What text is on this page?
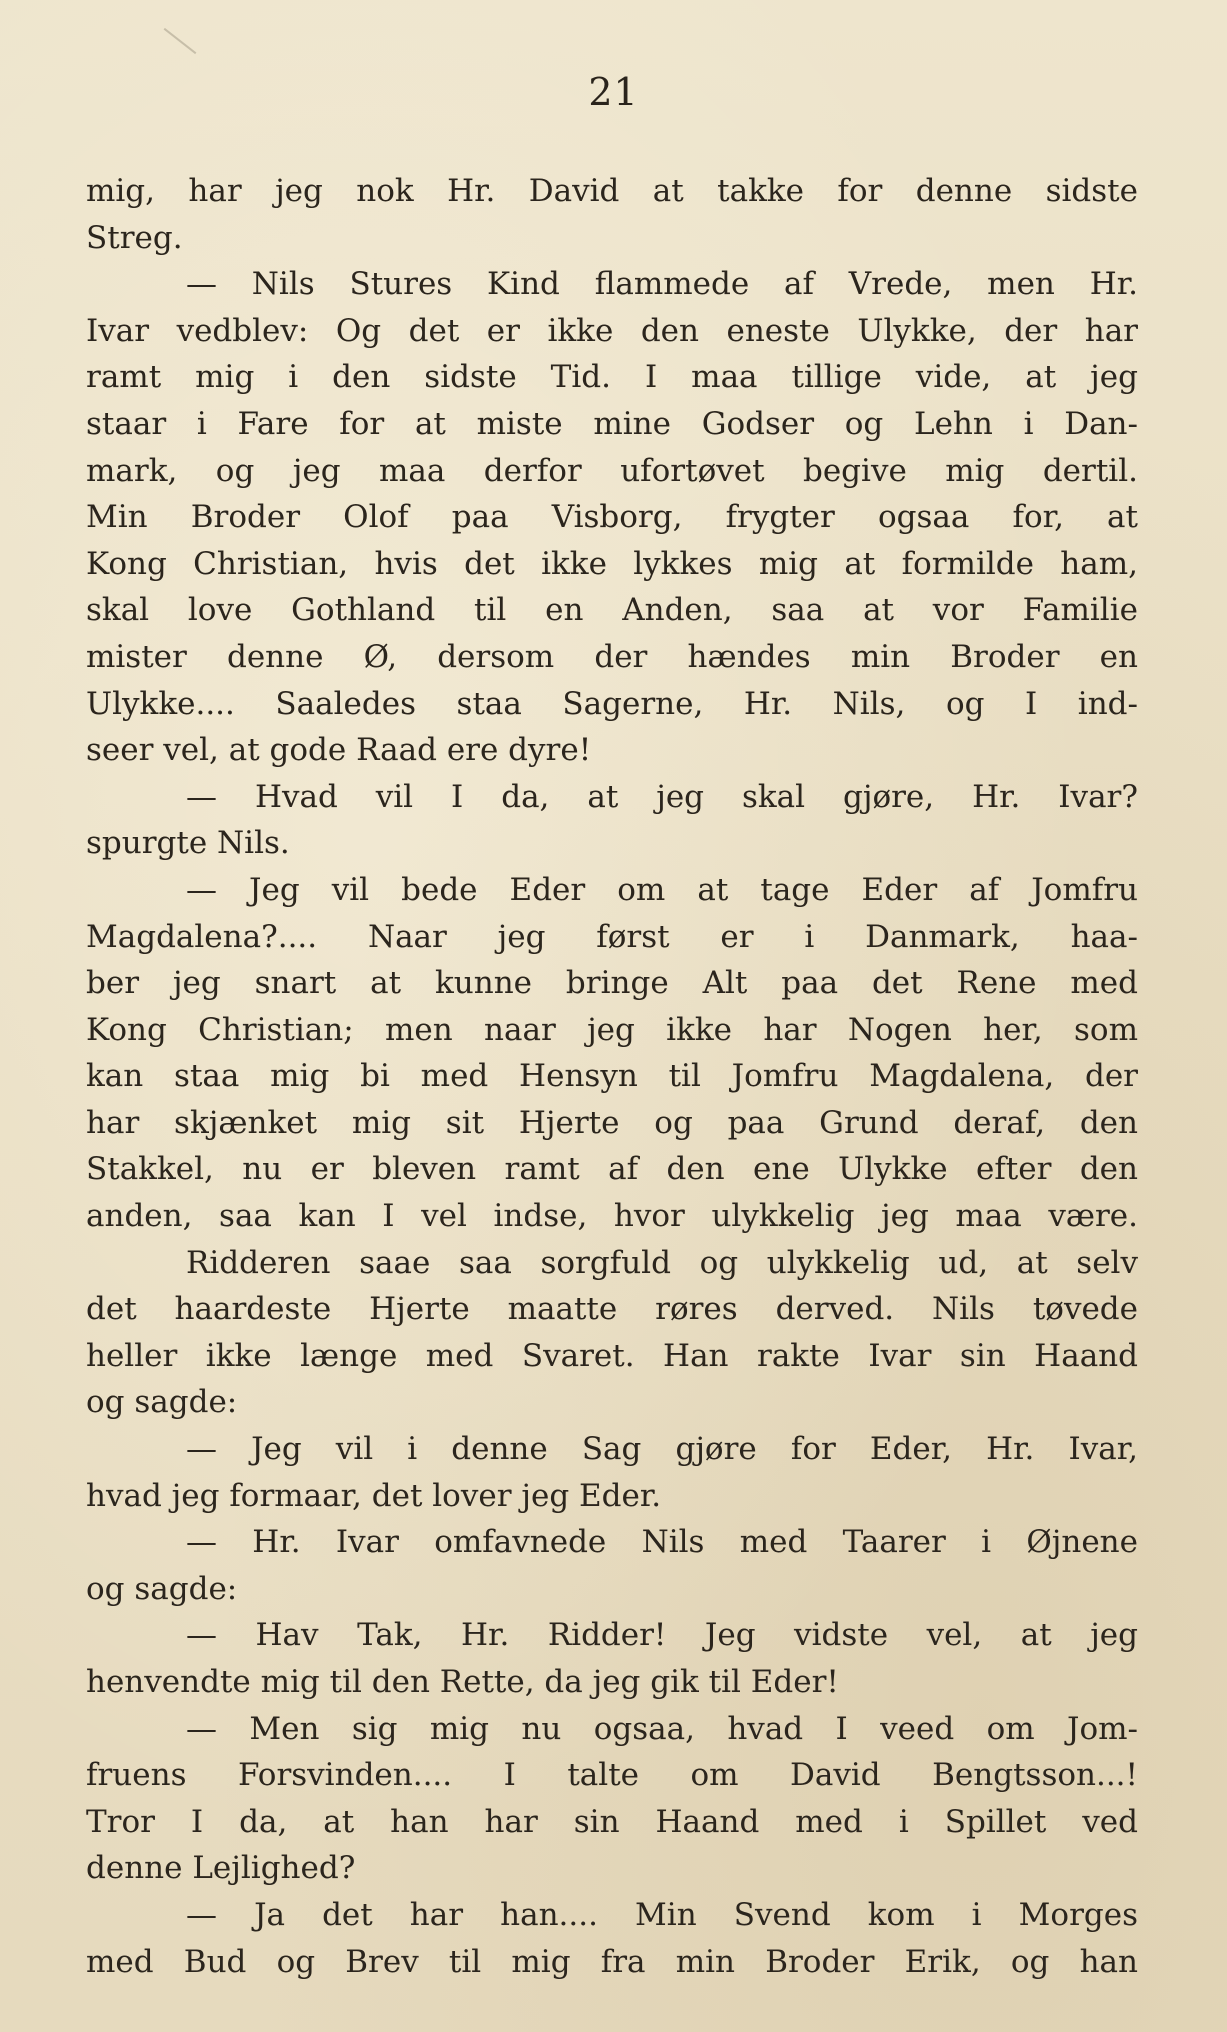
21
mig, har jeg nok Hr. David at takke for denne sidste
Streg.
— Nils Stures Kind flammede af Vrede, men Hr.
Ivar vedblev: Og det er ikke den eneste Ulykke, der har
ramt mig i den sidste Tid. I maa tillige vide, at jeg
staar i Fare for at miste mine Godser og Lehn i Dan-
mark, og jeg maa derfor ufortøvet begive mig dertil.
Min Broder Olof paa Visborg, frygter ogsaa for, at
Kong Christian, hvis det ikke lykkes mig at formilde ham,
skal love Gothland til en Anden, saa at vor Familie
mister denne Ø, dersom der hændes min Broder en
Ulykke.... Saaledes staa Sagerne, Hr. Nils, og I ind-
seer vel, at gode Raad ere dyre!
— Hvad vil I da, at jeg skal gjøre, Hr. Ivar?
spurgte Nils.
— Jeg vil bede Eder om at tage Eder af Jomfru
Magdalena?.... Naar jeg først er i Danmark, haa-
ber jeg snart at kunne bringe Alt paa det Rene med
Kong Christian; men naar jeg ikke har Nogen her, som
kan staa mig bi med Hensyn til Jomfru Magdalena, der
har skjænket mig sit Hjerte og paa Grund deraf, den
Stakkel, nu er bleven ramt af den ene Ulykke efter den
anden, saa kan I vel indse, hvor ulykkelig jeg maa være.
Ridderen saae saa sorgfuld og ulykkelig ud, at selv
det haardeste Hjerte maatte røres derved. Nils tøvede
heller ikke længe med Svaret. Han rakte Ivar sin Haand
og sagde:
— Jeg vil i denne Sag gjøre for Eder, Hr. Ivar,
hvad jeg formaar, det lover jeg Eder.
— Hr. Ivar omfavnede Nils med Taarer i Øjnene
og sagde:
— Hav Tak, Hr. Ridder! Jeg vidste vel, at jeg
henvendte mig til den Rette, da jeg gik til Eder!
— Men sig mig nu ogsaa, hvad I veed om Jom-
fruens Forsvinden.... I talte om David Bengtsson...!
Tror I da, at han har sin Haand med i Spillet ved
denne Lejlighed?
— Ja det har han.... Min Svend kom i Morges
med Bud og Brev til mig fra min Broder Erik, og han
